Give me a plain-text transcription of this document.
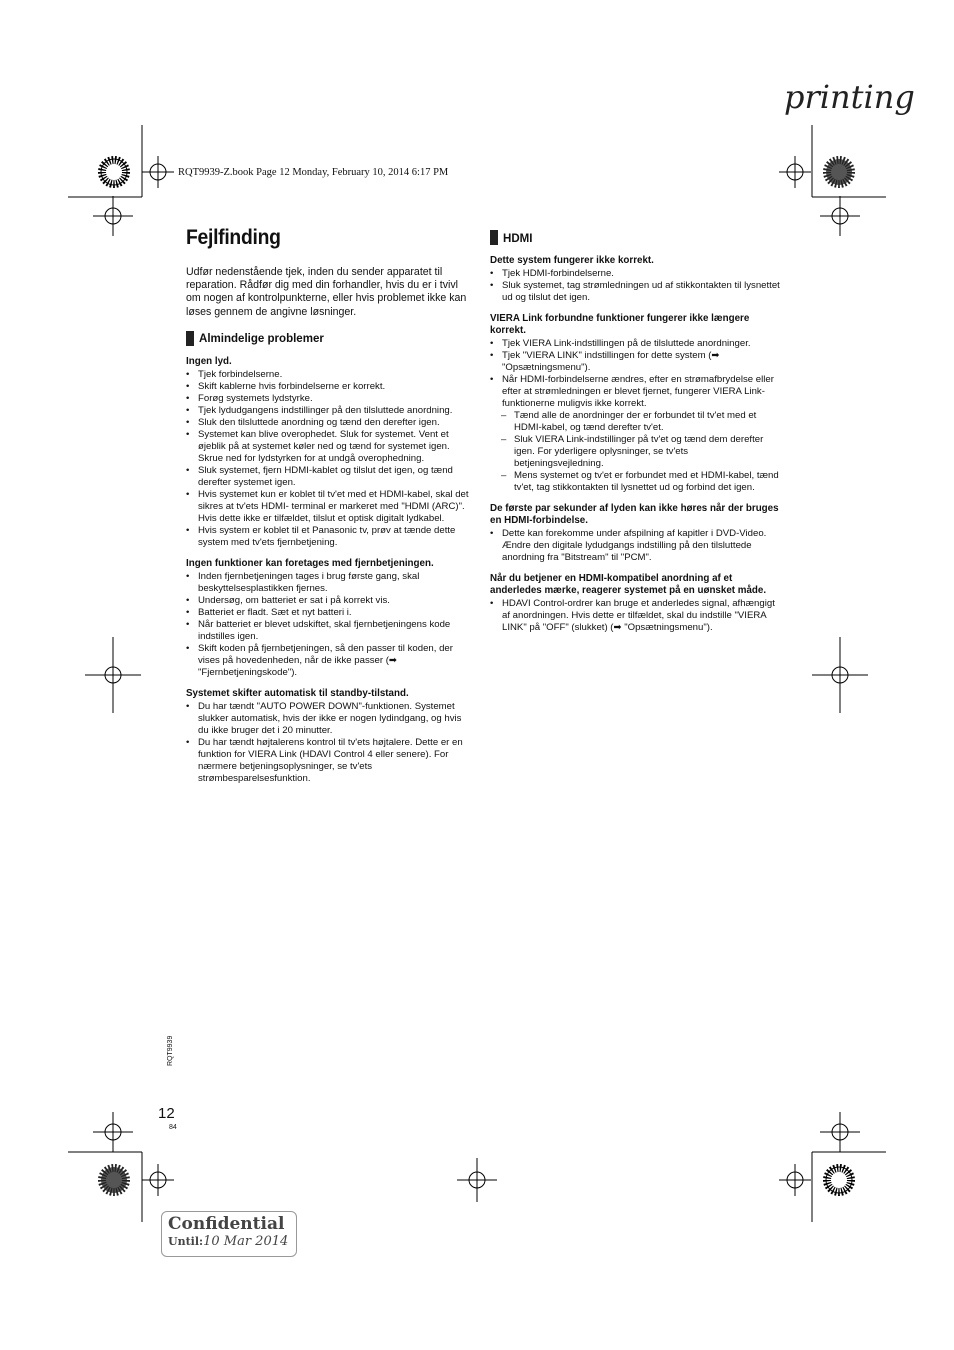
printing
RQT9939-Z.book Page 12 Monday, February 10, 2014 6:17 PM
Fejlfinding

Udfør nedenstående tjek, inden du sender apparatet til reparation. Rådfør dig med din forhandler, hvis du er i tvivl om nogen af kontrolpunkterne, eller hvis problemet ikke kan løses gennem de angivne løsninger.

Almindelige problemer
Ingen lyd.
• Tjek forbindelserne.
• Skift kablerne hvis forbindelserne er korrekt.
• Forøg systemets lydstyrke.
• Tjek lydudgangens indstillinger på den tilsluttede anordning.
• Sluk den tilsluttede anordning og tænd den derefter igen.
• Systemet kan blive overophedet. Sluk for systemet. Vent et øjeblik på at systemet køler ned og tænd for systemet igen. Skrue ned for lydstyrken for at undgå overophedning.
• Sluk systemet, fjern HDMI-kablet og tilslut det igen, og tænd derefter systemet igen.
• Hvis systemet kun er koblet til tv'et med et HDMI-kabel, skal det sikres at tv'ets HDMI- terminal er markeret med "HDMI (ARC)". Hvis dette ikke er tilfældet, tilslut et optisk digitalt lydkabel.
• Hvis system er koblet til et Panasonic tv, prøv at tænde dette system med tv'ets fjernbetjening.
Ingen funktioner kan foretages med fjernbetjeningen.
• Inden fjernbetjeningen tages i brug første gang, skal beskyttelsesplastikken fjernes.
• Undersøg, om batteriet er sat i på korrekt vis.
• Batteriet er fladt. Sæt et nyt batteri i.
• Når batteriet er blevet udskiftet, skal fjernbetjeningens kode indstilles igen.
• Skift koden på fjernbetjeningen, så den passer til koden, der vises på hovedenheden, når de ikke passer (➡ "Fjernbetjeningskode").
Systemet skifter automatisk til standby-tilstand.
• Du har tændt "AUTO POWER DOWN"-funktionen. Systemet slukker automatisk, hvis der ikke er nogen lydindgang, og hvis du ikke bruger det i 20 minutter.
• Du har tændt højtalerens kontrol til tv'ets højtalere. Dette er en funktion for VIERA Link (HDAVI Control 4 eller senere). For nærmere betjeningsoplysninger, se tv'ets strømbesparelsesfunktion.
HDMI
Dette system fungerer ikke korrekt.
• Tjek HDMI-forbindelserne.
• Sluk systemet, tag strømledningen ud af stikkontakten til lysnettet ud og tilslut det igen.
VIERA Link forbundne funktioner fungerer ikke længere korrekt.
• Tjek VIERA Link-indstillingen på de tilsluttede anordninger.
• Tjek "VIERA LINK" indstillingen for dette system (➡ "Opsætningsmenu").
• Når HDMI-forbindelserne ændres, efter en strømafbrydelse eller efter at strømledningen er blevet fjernet, fungerer VIERA Link-funktionerne muligvis ikke korrekt.
– Tænd alle de anordninger der er forbundet til tv'et med et HDMI-kabel, og tænd derefter tv'et.
– Sluk VIERA Link-indstillinger på tv'et og tænd dem derefter igen. For yderligere oplysninger, se tv'ets betjeningsvejledning.
– Mens systemet og tv'et er forbundet med et HDMI-kabel, tænd tv'et, tag stikkontakten til lysnettet ud og forbind det igen.
De første par sekunder af lyden kan ikke høres når der bruges en HDMI-forbindelse.
• Dette kan forekomme under afspilning af kapitler i DVD-Video. Ændre den digitale lydudgangs indstilling på den tilsluttede anordning fra "Bitstream" til "PCM".
Når du betjener en HDMI-kompatibel anordning af et anderledes mærke, reagerer systemet på en uønsket måde.
• HDAVI Control-ordrer kan bruge et anderledes signal, afhængigt af anordningen. Hvis dette er tilfældet, skal du indstille "VIERA LINK" på "OFF" (slukket) (➡ "Opsætningsmenu").
RQT9939
12
84
Confidential
Until:10 Mar 2014
